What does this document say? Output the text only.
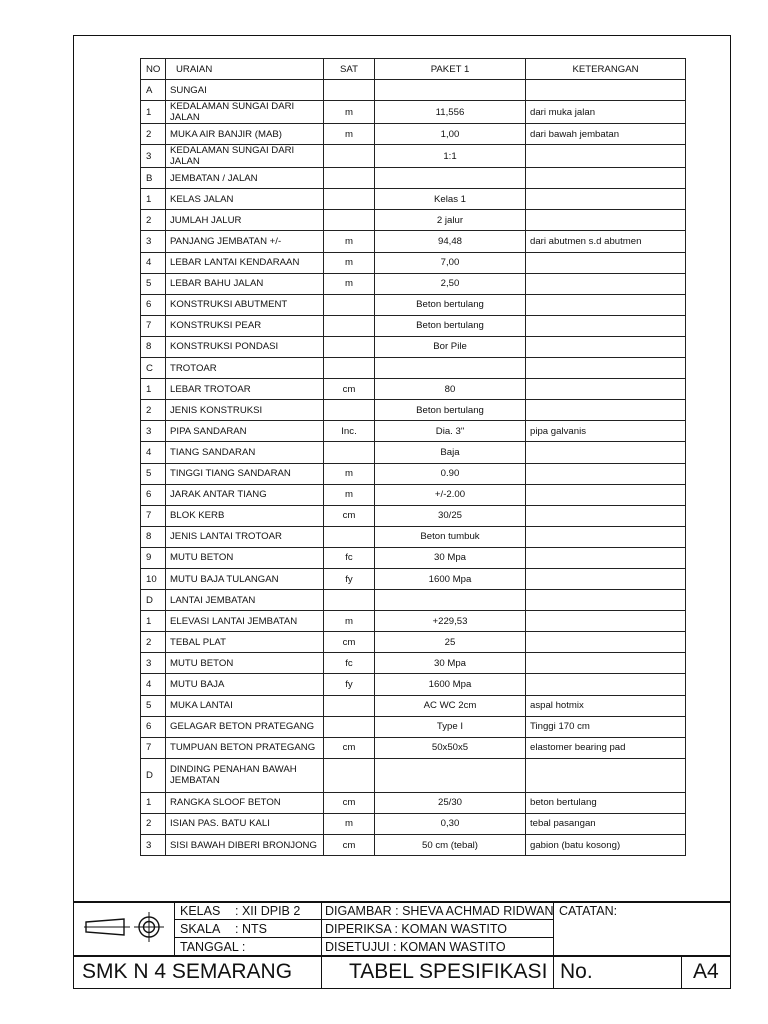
NO	URAIAN	SAT	PAKET 1	KETERANGAN
A	SUNGAI			
1	KEDALAMAN SUNGAI DARI JALAN	m	11,556	dari muka jalan
2	MUKA AIR BANJIR (MAB)	m	1,00	dari bawah jembatan
3	KEDALAMAN SUNGAI DARI JALAN		1:1	
B	JEMBATAN / JALAN			
1	KELAS JALAN		Kelas 1	
2	JUMLAH JALUR		2 jalur	
3	PANJANG JEMBATAN +/-	m	94,48	dari abutmen s.d abutmen
4	LEBAR LANTAI KENDARAAN	m	7,00	
5	LEBAR BAHU JALAN	m	2,50	
6	KONSTRUKSI ABUTMENT		Beton bertulang	
7	KONSTRUKSI PEAR		Beton bertulang	
8	KONSTRUKSI PONDASI		Bor Pile	
C	TROTOAR			
1	LEBAR TROTOAR	cm	80	
2	JENIS KONSTRUKSI		Beton bertulang	
3	PIPA SANDARAN	Inc.	Dia. 3"	pipa galvanis
4	TIANG SANDARAN		Baja	
5	TINGGI TIANG SANDARAN	m	0.90	
6	JARAK ANTAR TIANG	m	+/-2.00	
7	BLOK KERB	cm	30/25	
8	JENIS LANTAI TROTOAR		Beton tumbuk	
9	MUTU BETON	fc	30 Mpa	
10	MUTU BAJA TULANGAN	fy	1600 Mpa	
D	LANTAI JEMBATAN			
1	ELEVASI LANTAI JEMBATAN	m	+229,53	
2	TEBAL PLAT	cm	25	
3	MUTU BETON	fc	30 Mpa	
4	MUTU BAJA	fy	1600 Mpa	
5	MUKA LANTAI		AC WC 2cm	aspal hotmix
6	GELAGAR BETON PRATEGANG		Type I	Tinggi 170 cm
7	TUMPUAN BETON PRATEGANG	cm	50x50x5	elastomer bearing pad
D	DINDING PENAHAN BAWAH JEMBATAN			
1	RANGKA SLOOF BETON	cm	25/30	beton bertulang
2	ISIAN PAS. BATU KALI	m	0,30	tebal pasangan
3	SISI BAWAH DIBERI BRONJONG	cm	50 cm (tebal)	gabion (batu kosong)
KELAS : XII DPIB 2
SKALA : NTS
TANGGAL :
DIGAMBAR : SHEVA ACHMAD RIDWAN
DIPERIKSA : KOMAN WASTITO
DISETUJUI : KOMAN WASTITO
CATATAN:
SMK N 4 SEMARANG	TABEL SPESIFIKASI No.	A4
